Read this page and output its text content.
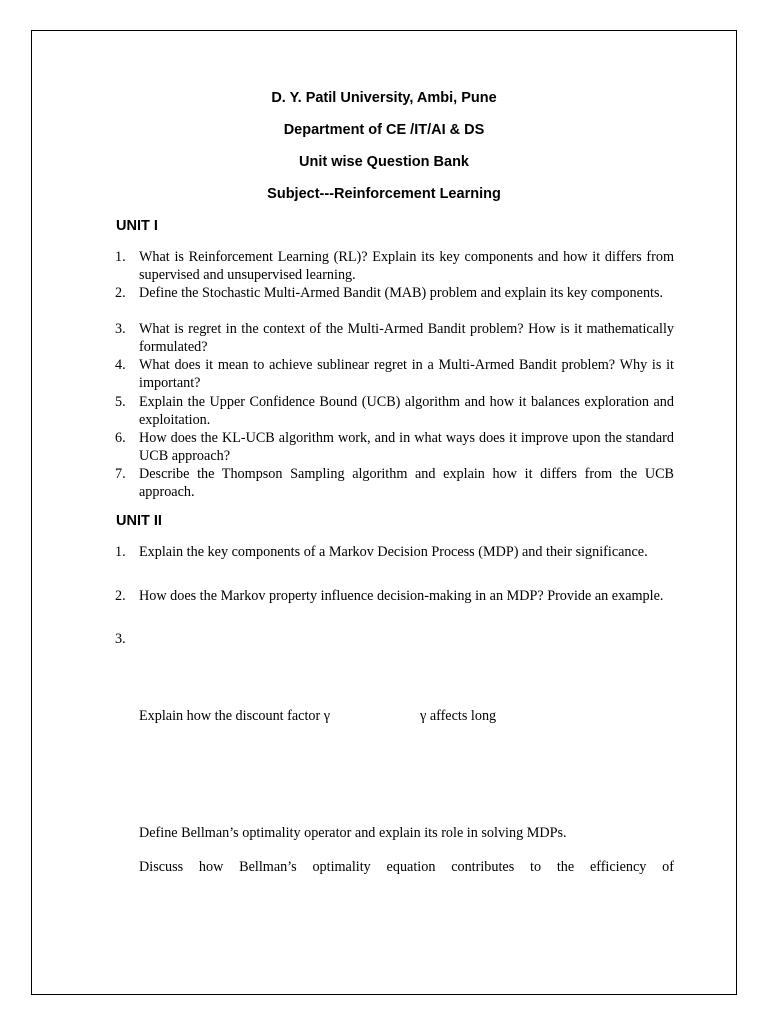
D. Y. Patil University, Ambi, Pune
Department of CE /IT/AI & DS
Unit wise Question Bank
Subject---Reinforcement Learning
UNIT I
1. What is Reinforcement Learning (RL)? Explain its key components and how it differs from supervised and unsupervised learning.

2. Define the Stochastic Multi-Armed Bandit (MAB) problem and explain its key components.

3. What is regret in the context of the Multi-Armed Bandit problem? How is it mathematically formulated?

4. What does it mean to achieve sublinear regret in a Multi-Armed Bandit problem? Why is it important?

5. Explain the Upper Confidence Bound (UCB) algorithm and how it balances exploration and exploitation.

6. How does the KL-UCB algorithm work, and in what ways does it improve upon the standard UCB approach?

7. Describe the Thompson Sampling algorithm and explain how it differs from the UCB approach.

UNIT II
1. Explain the key components of a Markov Decision Process (MDP) and their significance.

2. How does the Markov property influence decision-making in an MDP? Provide an example.

3.

Explain how the discount factor γ	γ affects long
Define Bellman’s optimality operator and explain its role in solving MDPs.
Discuss how Bellman’s optimality equation contributes to the efficiency of
